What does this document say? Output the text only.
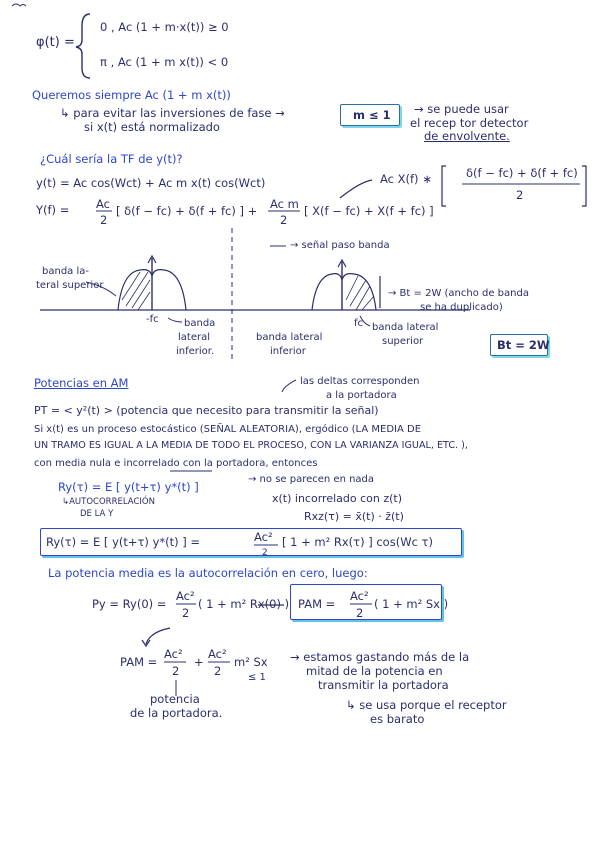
φ(t) =
0 , Ac (1 + m·x(t)) ≥ 0
π , Ac (1 + m x(t)) < 0
Queremos siempre Ac (1 + m x(t))
↳ para evitar las inversiones de fase →
si x(t) está normalizado
m ≤ 1 → se puede usar
el recep tor detector
de envolvente.
¿Cuál sería la TF de y(t)?
y(t) = Ac cos(Wct) + Ac m x(t) cos(Wct)	Ac X(f) ∗	δ(f − fc) + δ(f + fc)
2
Y(f) = Ac
2
[ δ(f − fc) + δ(f + fc) ] + Ac m
2
[ X(f − fc) + X(f + fc) ]
→ señal paso banda
banda la-
teral superior
-fc	banda
lateral
inferior.
banda lateral
inferior
fc banda lateral
superior
→ Bt = 2W (ancho de banda
se ha duplicado)
Bt = 2W
Potencias en AM	las deltas corresponden
a la portadora
PT = < y²(t) > (potencia que necesito para transmitir la señal)
Si x(t) es un proceso estocástico (SEÑAL ALEATORIA), ergódico (LA MEDIA DE
UN TRAMO ES IGUAL A LA MEDIA DE TODO EL PROCESO, CON LA VARIANZA IGUAL, ETC. ),
con media nula e incorrelado con la portadora, entonces
Ry(τ) = E [ y(t+τ) y*(t) ]
→ no se parecen en nada
↳AUTOCORRELACIÓN
DE LA Y
x(t) incorrelado con z(t)
Rxz(τ) = x̄(t) · z̄(t)
Ry(τ) = E [ y(t+τ) y*(t) ] =	Ac²
2
[ 1 + m² Rx(τ) ] cos(Wc τ)
La potencia media es la autocorrelación en cero, luego:
Py = Ry(0) =
Ac²
2
( 1 + m² Rx(0) ) PAM =
Ac²
2
( 1 + m² Sx )
PAM =
Ac²
2
+
Ac²
2
m² Sx
≤ 1
potencia
de la portadora.
→ estamos gastando más de la
mitad de la potencia en
transmitir la portadora
↳ se usa porque el receptor
es barato
